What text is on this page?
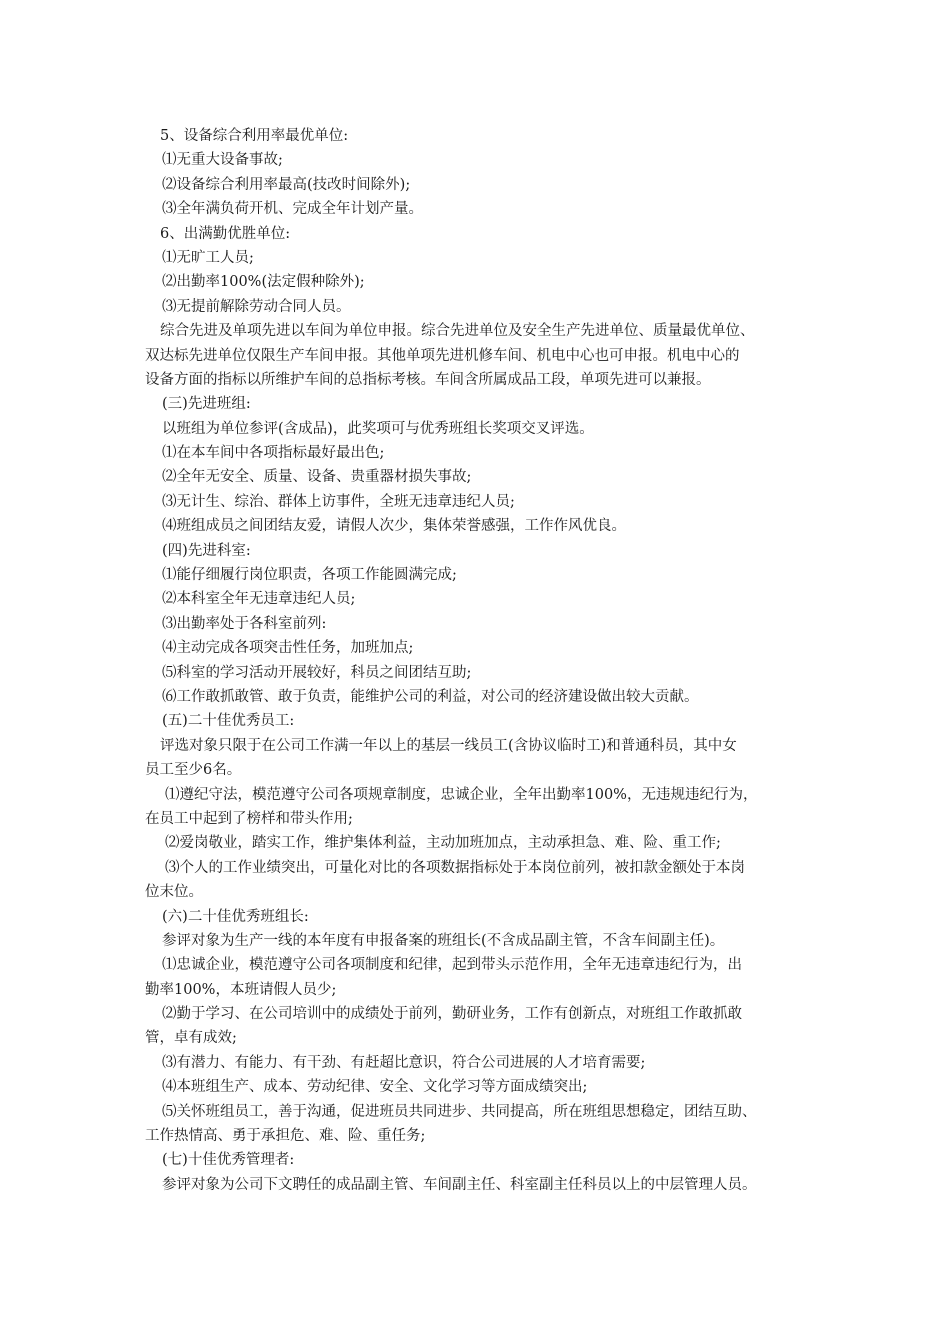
5、设备综合利用率最优单位:
⑴无重大设备事故;
⑵设备综合利用率最高(技改时间除外);
⑶全年满负荷开机、完成全年计划产量。
6、出满勤优胜单位:
⑴无旷工人员;
⑵出勤率100%(法定假种除外);
⑶无提前解除劳动合同人员。
综合先进及单项先进以车间为单位申报。综合先进单位及安全生产先进单位、质量最优单位、
双达标先进单位仅限生产车间申报。其他单项先进机修车间、机电中心也可申报。机电中心的
设备方面的指标以所维护车间的总指标考核。车间含所属成品工段，单项先进可以兼报。
(三)先进班组:
以班组为单位参评(含成品)，此奖项可与优秀班组长奖项交叉评选。
⑴在本车间中各项指标最好最出色;
⑵全年无安全、质量、设备、贵重器材损失事故;
⑶无计生、综治、群体上访事件，全班无违章违纪人员;
⑷班组成员之间团结友爱，请假人次少，集体荣誉感强，工作作风优良。
(四)先进科室:
⑴能仔细履行岗位职责，各项工作能圆满完成;
⑵本科室全年无违章违纪人员;
⑶出勤率处于各科室前列:
⑷主动完成各项突击性任务，加班加点;
⑸科室的学习活动开展较好，科员之间团结互助;
⑹工作敢抓敢管、敢于负责，能维护公司的利益，对公司的经济建设做出较大贡献。
(五)二十佳优秀员工:
评选对象只限于在公司工作满一年以上的基层一线员工(含协议临时工)和普通科员，其中女
员工至少6名。
⑴遵纪守法，模范遵守公司各项规章制度，忠诚企业，全年出勤率100%，无违规违纪行为，
在员工中起到了榜样和带头作用;
⑵爱岗敬业，踏实工作，维护集体利益，主动加班加点，主动承担急、难、险、重工作;
⑶个人的工作业绩突出，可量化对比的各项数据指标处于本岗位前列，被扣款金额处于本岗
位末位。
(六)二十佳优秀班组长:
参评对象为生产一线的本年度有申报备案的班组长(不含成品副主管，不含车间副主任)。
⑴忠诚企业，模范遵守公司各项制度和纪律，起到带头示范作用，全年无违章违纪行为，出
勤率100%，本班请假人员少;
⑵勤于学习、在公司培训中的成绩处于前列，勤研业务，工作有创新点，对班组工作敢抓敢
管，卓有成效;
⑶有潜力、有能力、有干劲、有赶超比意识，符合公司进展的人才培育需要;
⑷本班组生产、成本、劳动纪律、安全、文化学习等方面成绩突出;
⑸关怀班组员工，善于沟通，促进班员共同进步、共同提高，所在班组思想稳定，团结互助、
工作热情高、勇于承担危、难、险、重任务;
(七)十佳优秀管理者:
参评对象为公司下文聘任的成品副主管、车间副主任、科室副主任科员以上的中层管理人员。
